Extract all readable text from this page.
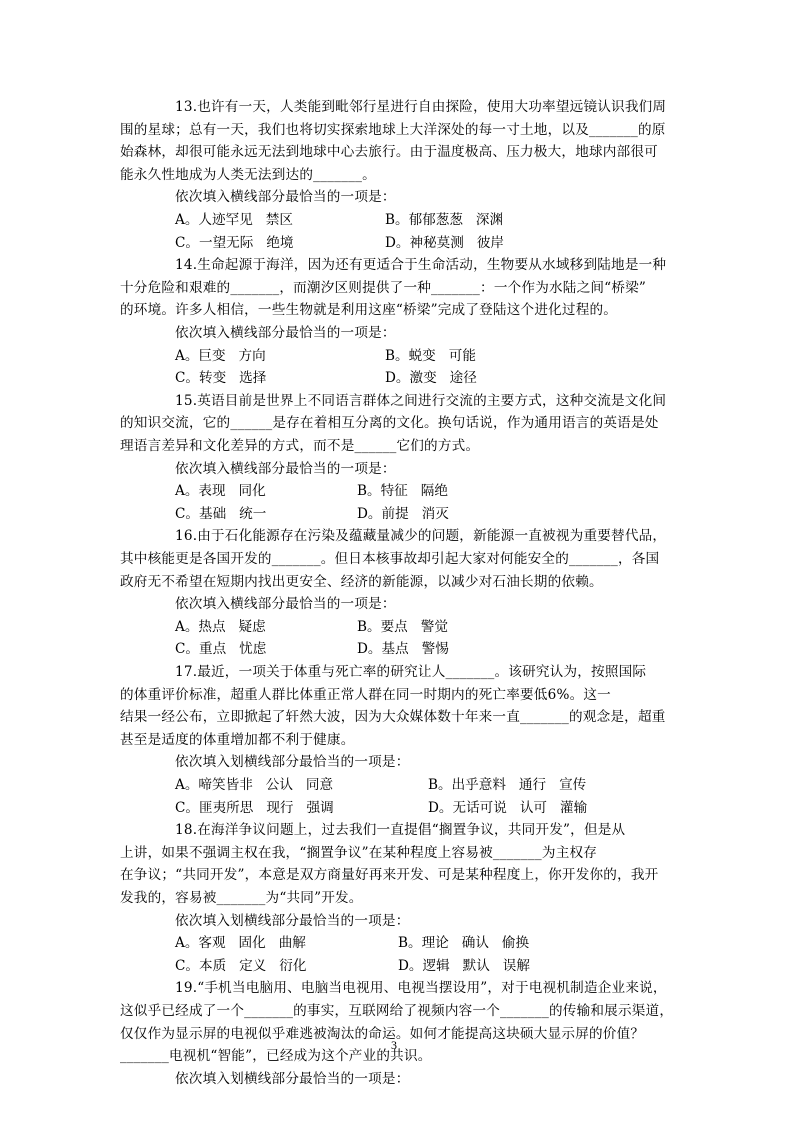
13.也许有一天，人类能到毗邻行星进行自由探险，使用大功率望远镜认识我们周
围的星球；总有一天，我们也将切实探索地球上大洋深处的每一寸土地，以及_______的原
始森林，却很可能永远无法到地球中心去旅行。由于温度极高、压力极大，地球内部很可
能永久性地成为人类无法到达的_______。
依次填入横线部分最恰当的一项是：
A。人迹罕见   禁区	B。郁郁葱葱   深渊
C。一望无际   绝境	D。神秘莫测   彼岸
14.生命起源于海洋，因为还有更适合于生命活动，生物要从水域移到陆地是一种
十分危险和艰难的_______，而潮汐区则提供了一种_______：一个作为水陆之间“桥梁”
的环境。许多人相信，一些生物就是利用这座“桥梁”完成了登陆这个进化过程的。
依次填入横线部分最恰当的一项是：
A。巨变   方向	B。蜕变   可能
C。转变   选择	D。激变   途径
15.英语目前是世界上不同语言群体之间进行交流的主要方式，这种交流是文化间
的知识交流，它的______是存在着相互分离的文化。换句话说，作为通用语言的英语是处
理语言差异和文化差异的方式，而不是______它们的方式。
依次填入横线部分最恰当的一项是：
A。表现   同化	B。特征   隔绝
C。基础   统一	D。前提   消灭
16.由于石化能源存在污染及蕴藏量减少的问题，新能源一直被视为重要替代品，
其中核能更是各国开发的_______。但日本核事故却引起大家对何能安全的_______，各国
政府无不希望在短期内找出更安全、经济的新能源，以减少对石油长期的依赖。
依次填入横线部分最恰当的一项是：
A。热点   疑虑	B。要点   警觉
C。重点   忧虑	D。基点   警惕
17.最近，一项关于体重与死亡率的研究让人_______。该研究认为，按照国际
的体重评价标准，超重人群比体重正常人群在同一时期内的死亡率要低6%。这一
结果一经公布，立即掀起了轩然大波，因为大众媒体数十年来一直_______的观念是，超重
甚至是适度的体重增加都不利于健康。
依次填入划横线部分最恰当的一项是：
A。啼笑皆非   公认   同意	B。出乎意料   通行   宣传
C。匪夷所思   现行   强调	D。无话可说   认可   灌输
18.在海洋争议问题上，过去我们一直提倡“搁置争议，共同开发”，但是从
上讲，如果不强调主权在我，“搁置争议”在某种程度上容易被_______为主权存
在争议；“共同开发”，本意是双方商量好再来开发、可是某种程度上，你开发你的，我开
发我的，容易被_______为“共同”开发。
依次填入划横线部分最恰当的一项是：
A。客观   固化   曲解	B。理论   确认   偷换
C。本质   定义   衍化	D。逻辑   默认   误解
19.“手机当电脑用、电脑当电视用、电视当摆设用”，对于电视机制造企业来说，
这似乎已经成了一个_______的事实，互联网给了视频内容一个_______的传输和展示渠道，
仅仅作为显示屏的电视似乎难逃被淘汰的命运。如何才能提高这块硕大显示屏的价值？
_______电视机“智能”，已经成为这个产业的共识。
依次填入划横线部分最恰当的一项是：
3
